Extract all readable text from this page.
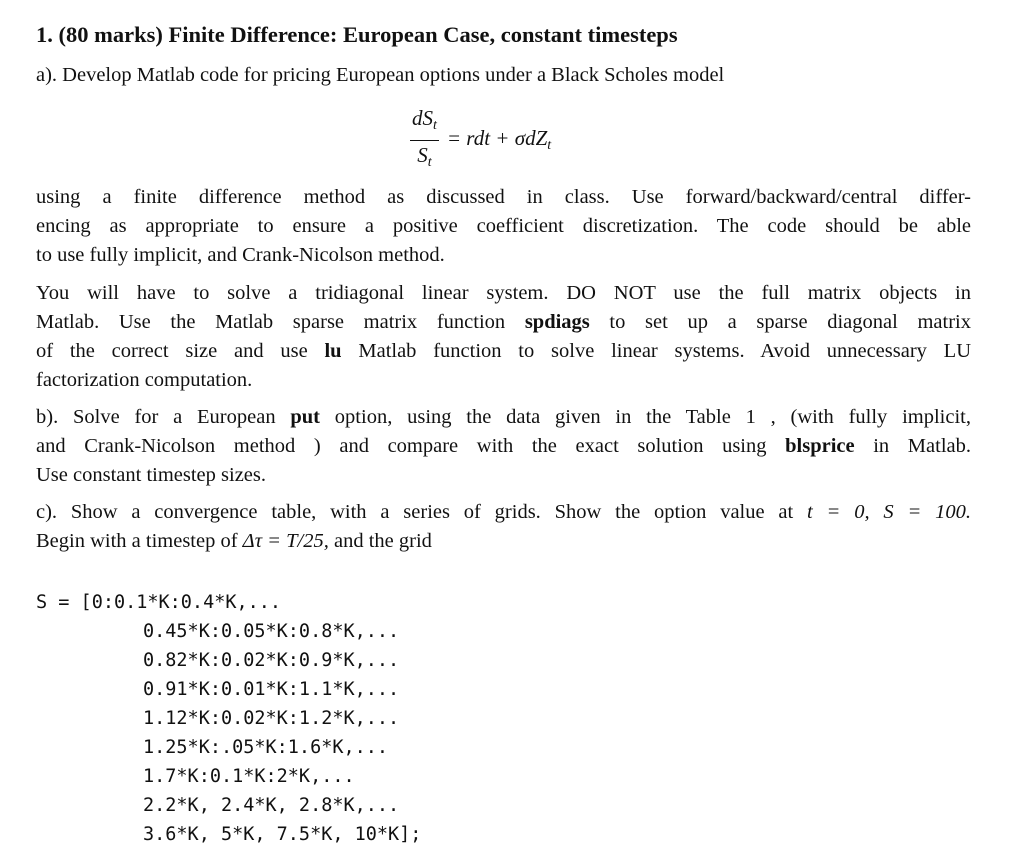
1. (80 marks) Finite Difference: European Case, constant timesteps

a). Develop Matlab code for pricing European options under a Black Scholes model

$\frac{dS_t}{S_t}$ = rdt + σdZ$_t$

using a finite difference method as discussed in class. Use forward/backward/central differ-
encing as appropriate to ensure a positive coefficient discretization. The code should be able
to use fully implicit, and Crank-Nicolson method.

You will have to solve a tridiagonal linear system. DO NOT use the full matrix objects in
Matlab. Use the Matlab sparse matrix function spdiags to set up a sparse diagonal matrix
of the correct size and use lu Matlab function to solve linear systems. Avoid unnecessary LU
factorization computation.

b). Solve for a European put option, using the data given in the Table 1 , (with fully implicit,
and Crank-Nicolson method ) and compare with the exact solution using blsprice in Matlab.
Use constant timestep sizes.

c). Show a convergence table, with a series of grids. Show the option value at t = 0, S = 100.
Begin with a timestep of Δτ = T/25, and the grid

S = [0:0.1*K:0.4*K,...
0.45*K:0.05*K:0.8*K,...
0.82*K:0.02*K:0.9*K,...
0.91*K:0.01*K:1.1*K,...
1.12*K:0.02*K:1.2*K,...
1.25*K:.05*K:1.6*K,...
1.7*K:0.1*K:2*K,...
2.2*K, 2.4*K, 2.8*K,...
3.6*K, 5*K, 7.5*K, 10*K];
